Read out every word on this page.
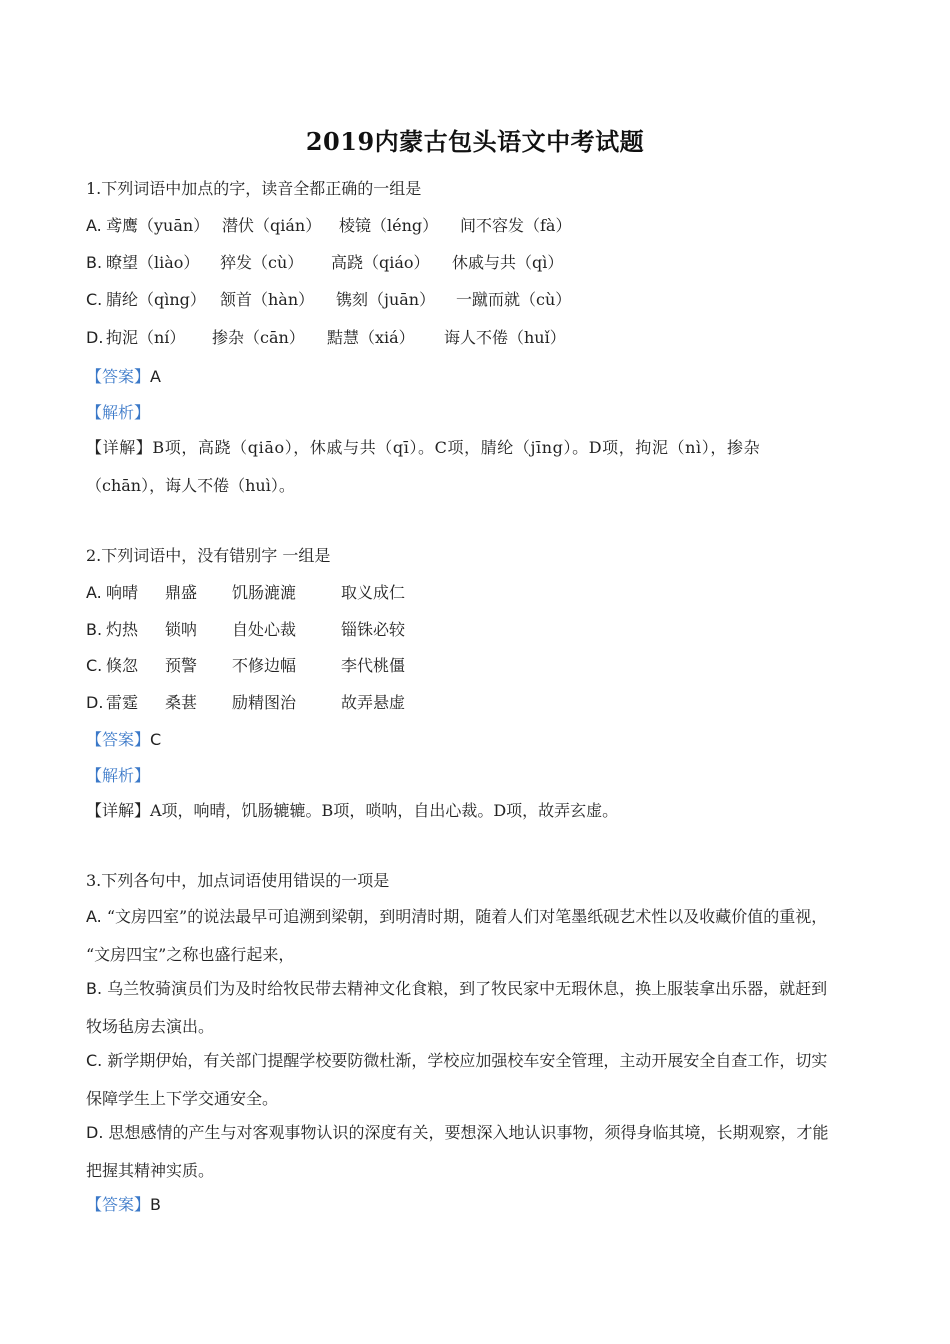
2019内蒙古包头语文中考试题
1.下列词语中加点的字，读音全都正确的一组是
A. 鸢鹰（yuān） 潜伏（qián） 棱镜（léng） 间不容发（fà）
B. 暸望（liào） 猝发（cù） 高跷（qiáo） 休戚与共（qì）
C. 腈纶（qìng） 颔首（hàn） 镌刻（juān） 一蹴而就（cù）
D. 拘泥（ní） 掺杂（cān） 黠慧（xiá） 诲人不倦（huǐ）
【答案】A
【解析】
【详解】B项，高跷（qiāo），休戚与共（qī）。C项，腈纶（jīng）。D项，拘泥（nì），掺杂
（chān），诲人不倦（huì）。
2.下列词语中，没有错别字 一组是
A. 响晴 鼎盛 饥肠漉漉	取义成仁
B. 灼热 锁呐 自处心裁	锱铢必较
C. 倏忽 预警 不修边幅	李代桃僵
D. 雷霆 桑葚 励精图治	故弄悬虚
【答案】C
【解析】
【详解】A项，响晴，饥肠辘辘。B项，唢呐，自出心裁。D项，故弄玄虚。
3.下列各句中，加点词语使用错误的一项是
A. “文房四室”的说法最早可追溯到梁朝，到明清时期，随着人们对笔墨纸砚艺术性以及收藏价值的重视，
“文房四宝”之称也盛行起来，
B. 乌兰牧骑演员们为及时给牧民带去精神文化食粮，到了牧民家中无瑕休息，换上服装拿出乐器，就赶到
牧场毡房去演出。
C. 新学期伊始，有关部门提醒学校要防微杜渐，学校应加强校车安全管理，主动开展安全自查工作，切实
保障学生上下学交通安全。
D. 思想感情的产生与对客观事物认识的深度有关，要想深入地认识事物，须得身临其境，长期观察，才能
把握其精神实质。
【答案】B
